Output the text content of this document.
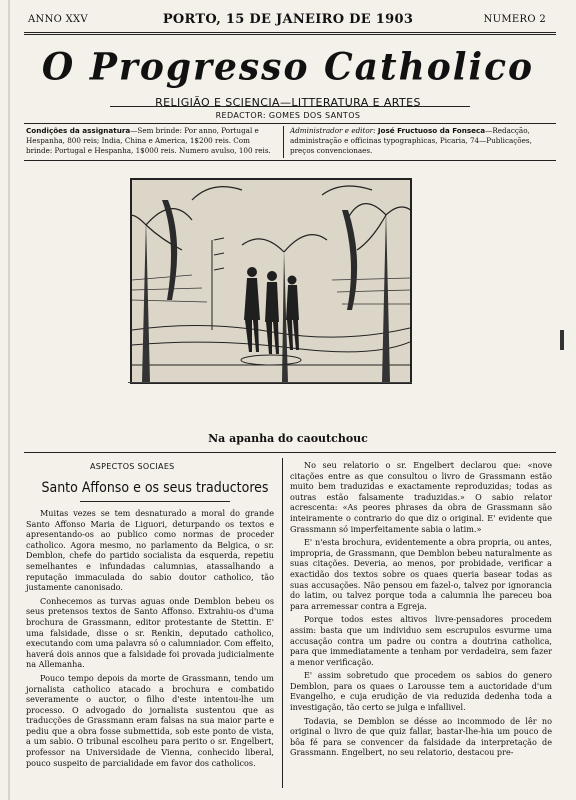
ANNO XXV	PORTO, 15 DE JANEIRO DE 1903	NUMERO 2
O Progresso Catholico
RELIGIÃO E SCIENCIA—LITTERATURA E ARTES
REDACTOR: GOMES DOS SANTOS
Condições da assignatura—Sem brinde: Por anno, Portugal e Hespanha, 800 reis; India, China e America, 1$200 reis. Com brinde: Portugal e Hespanha, 1$000 reis. Numero avulso, 100 reis.
Administrador e editor: José Fructuoso da Fonseca—Redacção, administração e officinas typographicas, Picaria, 74—Publicações, preços convencionaes.
Na apanha do caoutchouc
ASPECTOS SOCIAES
Santo Affonso e os seus traductores

Muitas vezes se tem desnaturado a moral do grande Santo Affonso Maria de Liguori, deturpando os textos e apresentando-os ao publico como normas de proceder catholico. Agora mesmo, no parlamento da Belgica, o sr. Demblon, chefe do partido socialista da esquerda, repetiu semelhantes e infundadas calumnias, atassalhando a reputação immaculada do sabio doutor catholico, tão justamente canonisado.

Conhecemos as turvas aguas onde Demblon bebeu os seus pretensos textos de Santo Affonso. Extrahiu-os d'uma brochura de Grassmann, editor protestante de Stettin. E' uma falsidade, disse o sr. Renkin, deputado catholico, executando com uma palavra só o calumniador. Com effeito, haverá dois annos que a falsidade foi provada judicialmente na Allemanha.

Pouco tempo depois da morte de Grassmann, tendo um jornalista catholico atacado a brochura e combatido severamente o auctor, o filho d'este intentou-lhe um processo. O advogado do jornalista sustentou que as traducções de Grassmann eram falsas na sua maior parte e pediu que a obra fosse submettida, sob este ponto de vista, a um sabio. O tribunal escolheu para perito o sr. Engelbert, professor na Universidade de Vienna, conhecido liberal, pouco suspeito de parcialidade em favor dos catholicos.

No seu relatorio o sr. Engelbert declarou que: «nove citações entre as que consultou o livro de Grassmann estão muito bem traduzidas e exactamente reproduzidas; todas as outras estão falsamente traduzidas.» O sabio relator acrescenta: «As peores phrases da obra de Grassmann são inteiramente o contrario do que diz o original. E' evidente que Grassmann só imperfeitamente sabia o latim.»

E' n'esta brochura, evidentemente a obra propria, ou antes, impropria, de Grassmann, que Demblon bebeu naturalmente as suas citações. Deveria, ao menos, por probidade, verificar a exactidão dos textos sobre os quaes queria basear todas as suas accusações. Não pensou em fazel-o, talvez por ignorancia do latim, ou talvez porque toda a calumnia lhe pareceu boa para arremessar contra a Egreja.

Porque todos estes altivos livre-pensadores procedem assim: basta que um individuo sem escrupulos esvurme uma accusação contra um padre ou contra a doutrina catholica, para que immediatamente a tenham por verdadeira, sem fazer a menor verificação.

E' assim sobretudo que procedem os sabios do genero Demblon, para os quaes o Larousse tem a auctoridade d'um Evangelho, e cuja erudição de via reduzida dedenha toda a investigação, tão certo se julga e infallivel.

Todavia, se Demblon se désse ao incommodo de lêr no original o livro de que quiz fallar, bastar-lhe-hia um pouco de bôa fé para se convencer da falsidade da interpretação de Grassmann. Engelbert, no seu relatorio, destacou pre-
